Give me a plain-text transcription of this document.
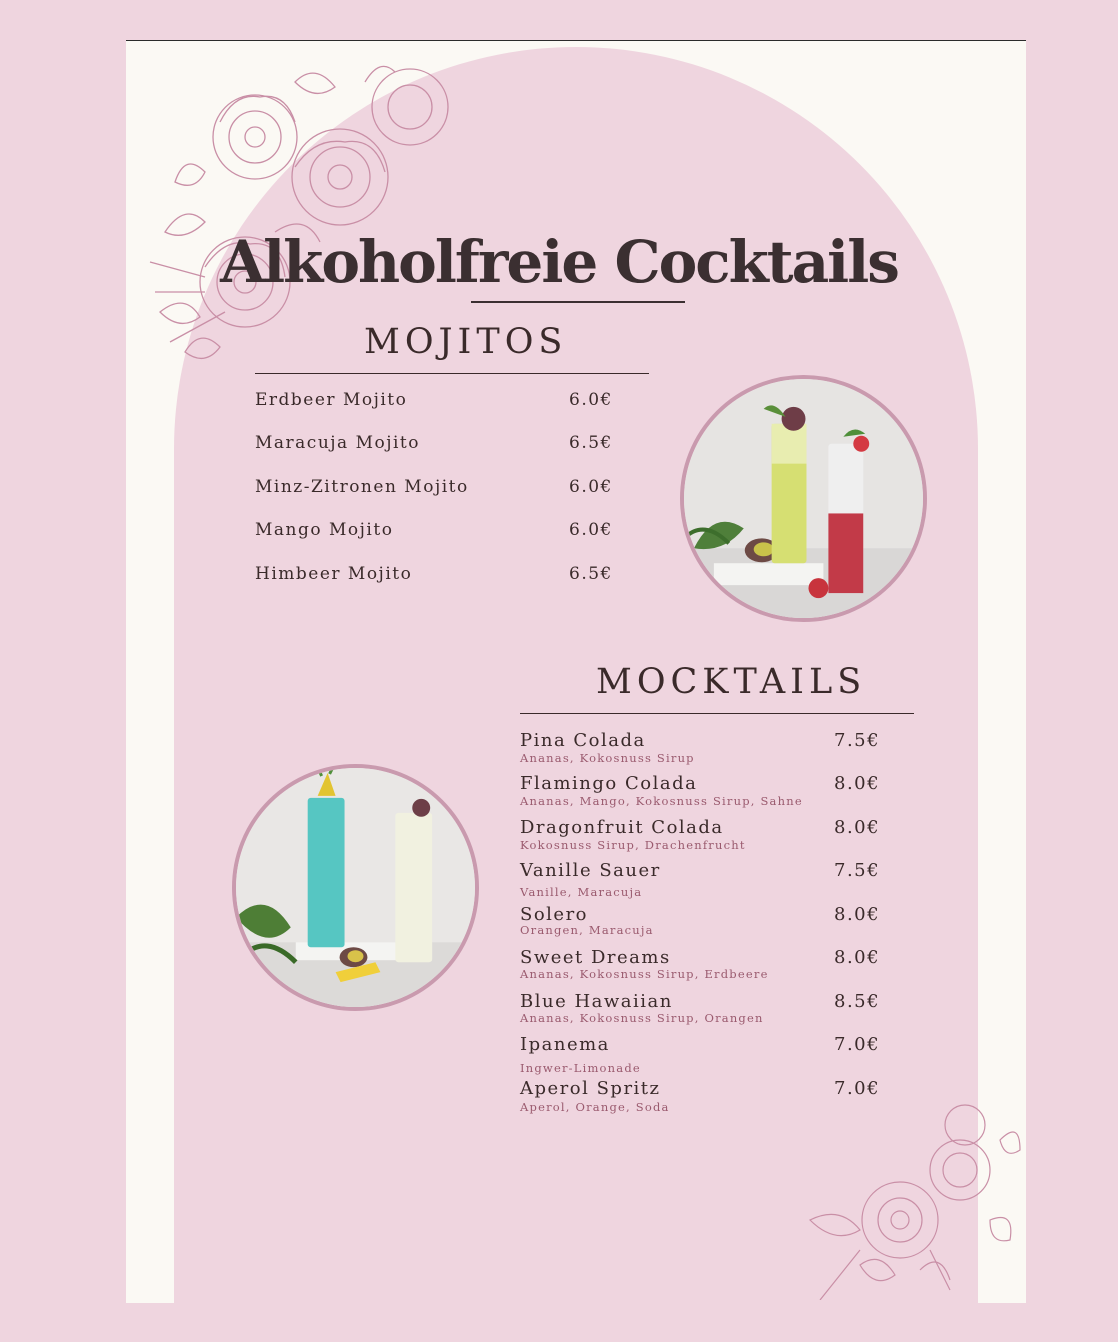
Alkoholfreie Cocktails
MOJITOS
Erdbeer Mojito	6.0€
Maracuja Mojito	6.5€
Minz-Zitronen Mojito	6.0€
Mango Mojito	6.0€
Himbeer Mojito	6.5€
MOCKTAILS
Pina Colada	7.5€
Ananas, Kokosnuss Sirup
Flamingo Colada	8.0€
Ananas, Mango, Kokosnuss Sirup, Sahne
Dragonfruit Colada	8.0€
Kokosnuss Sirup, Drachenfrucht
Vanille Sauer	7.5€
Vanille, Maracuja
Solero	8.0€
Orangen, Maracuja
Sweet Dreams	8.0€
Ananas, Kokosnuss Sirup, Erdbeere
Blue Hawaiian	8.5€
Ananas, Kokosnuss Sirup, Orangen
Ipanema	7.0€
Ingwer-Limonade
Aperol Spritz	7.0€
Aperol, Orange, Soda
